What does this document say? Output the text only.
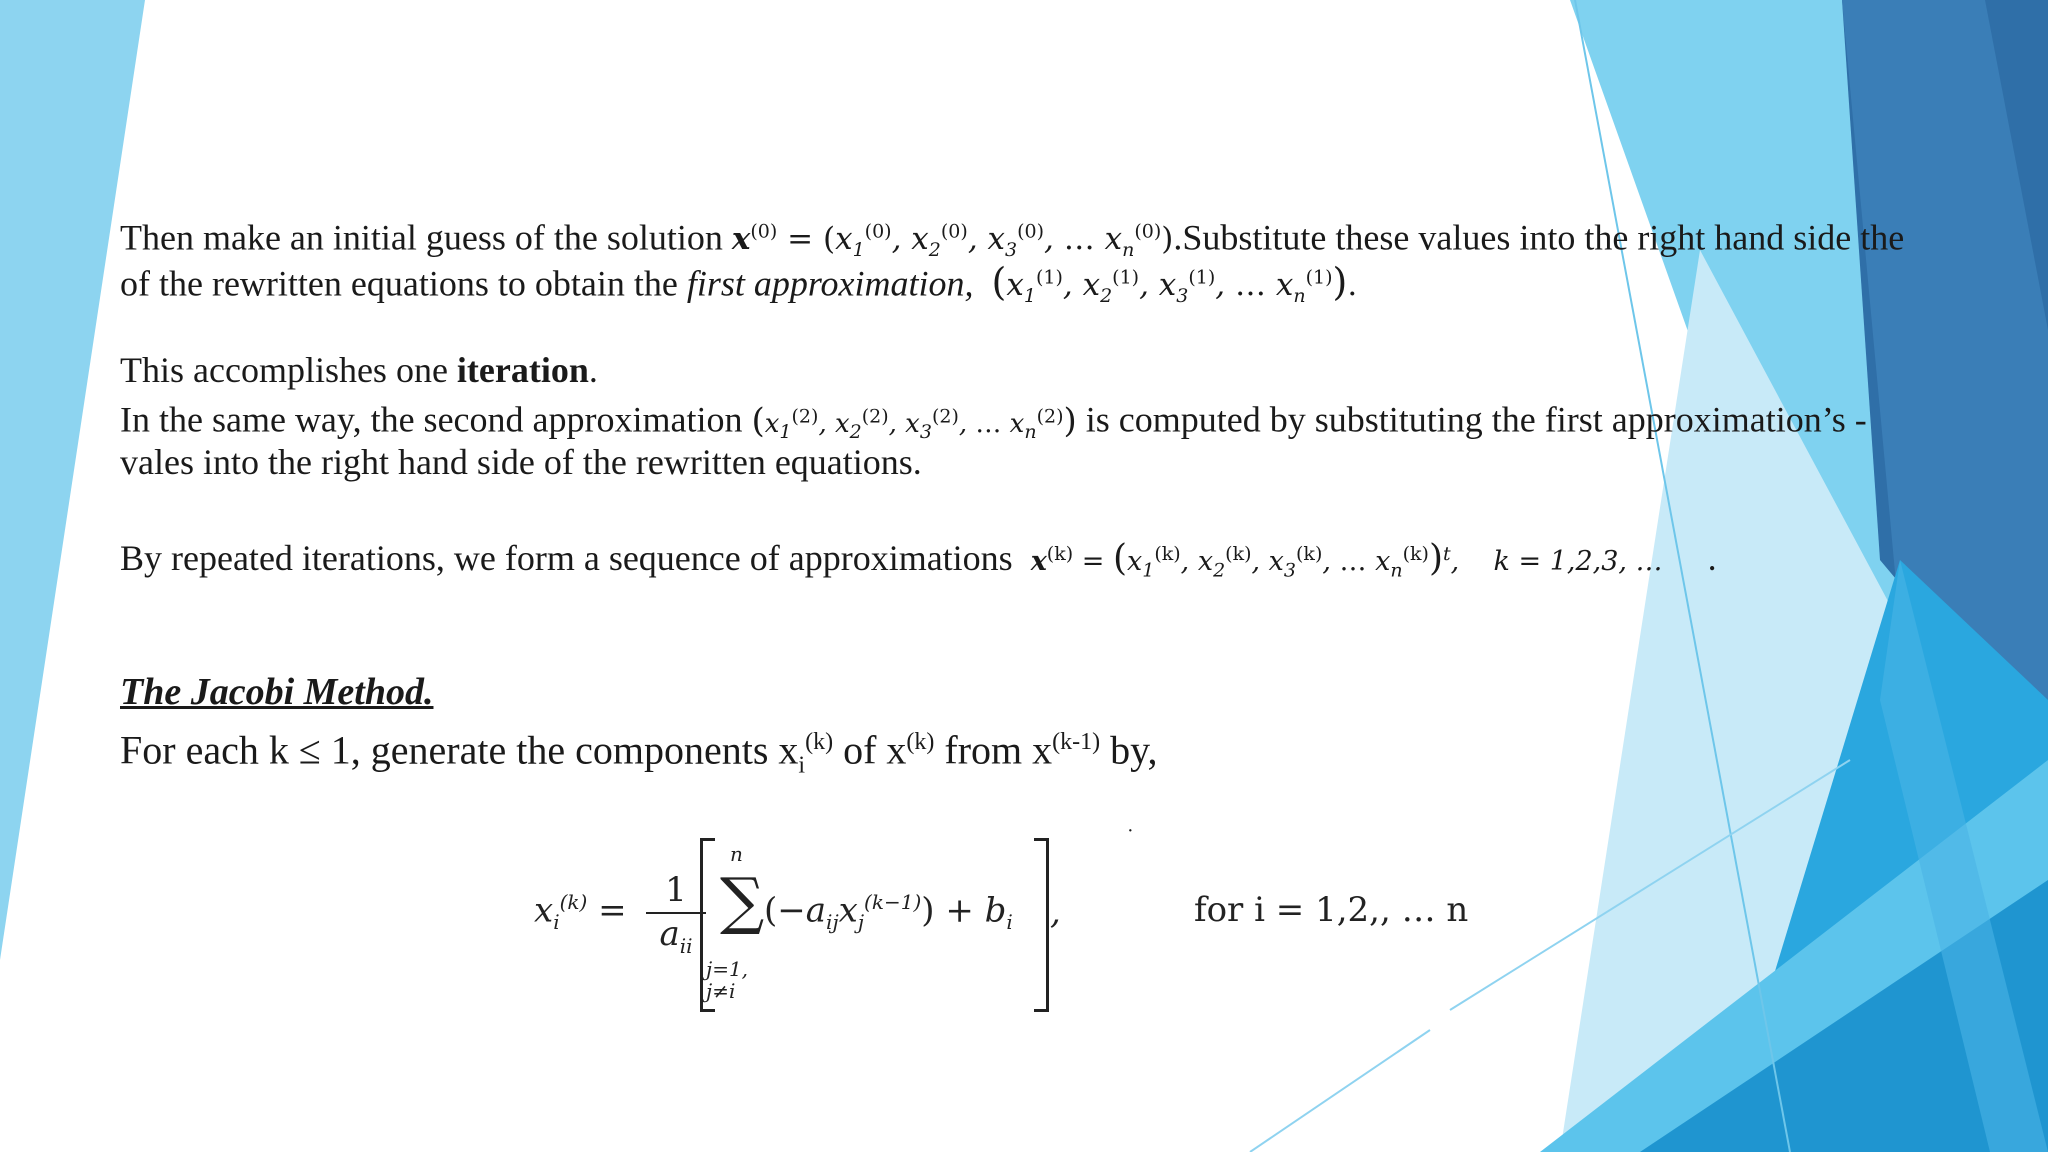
Then make an initial guess of the solution $x^{(0)} = (x_1^{(0)}$, $x_2^{(0)}$, $x_3^{(0)}$, … $x_n^{(0)}).Substitute$ these values into the right hand side the
of the rewritten equations to obtain the first approximation, ($x_1^{(1)}$, $x_2^{(1)}$, $x_3^{(1)}$, … $x_n^{(1)}$).
This accomplishes one iteration.
In the same way, the second approximation ($x_1^{(2)}$, $x_2^{(2)}$, $x_3^{(2)}$, … $x_n^{(2)}$) is computed by substituting the first approximation’s -
vales into the right hand side of the rewritten equations.
By repeated iterations, we form a sequence of approximations $x^{(k)} = (x_1^{(k)}$, $x_2^{(k)}$, $x_3^{(k)}$, … $x_n^{(k)})^t$,    k = 1,2,3, … .
The Jacobi Method.
For each k ≤ 1, generate the components $x_i^{(k)}$ of $x^{(k)}$ from $x^{(k-1)}$ by,
·
$x_i^{(k)}$ =
1
$a_{ii}$
n
∑
j=1,
j≠i
$(-a_{ij}x_j^{(k-1)}) + b_i$ ,	for i = 1,2,, … n
